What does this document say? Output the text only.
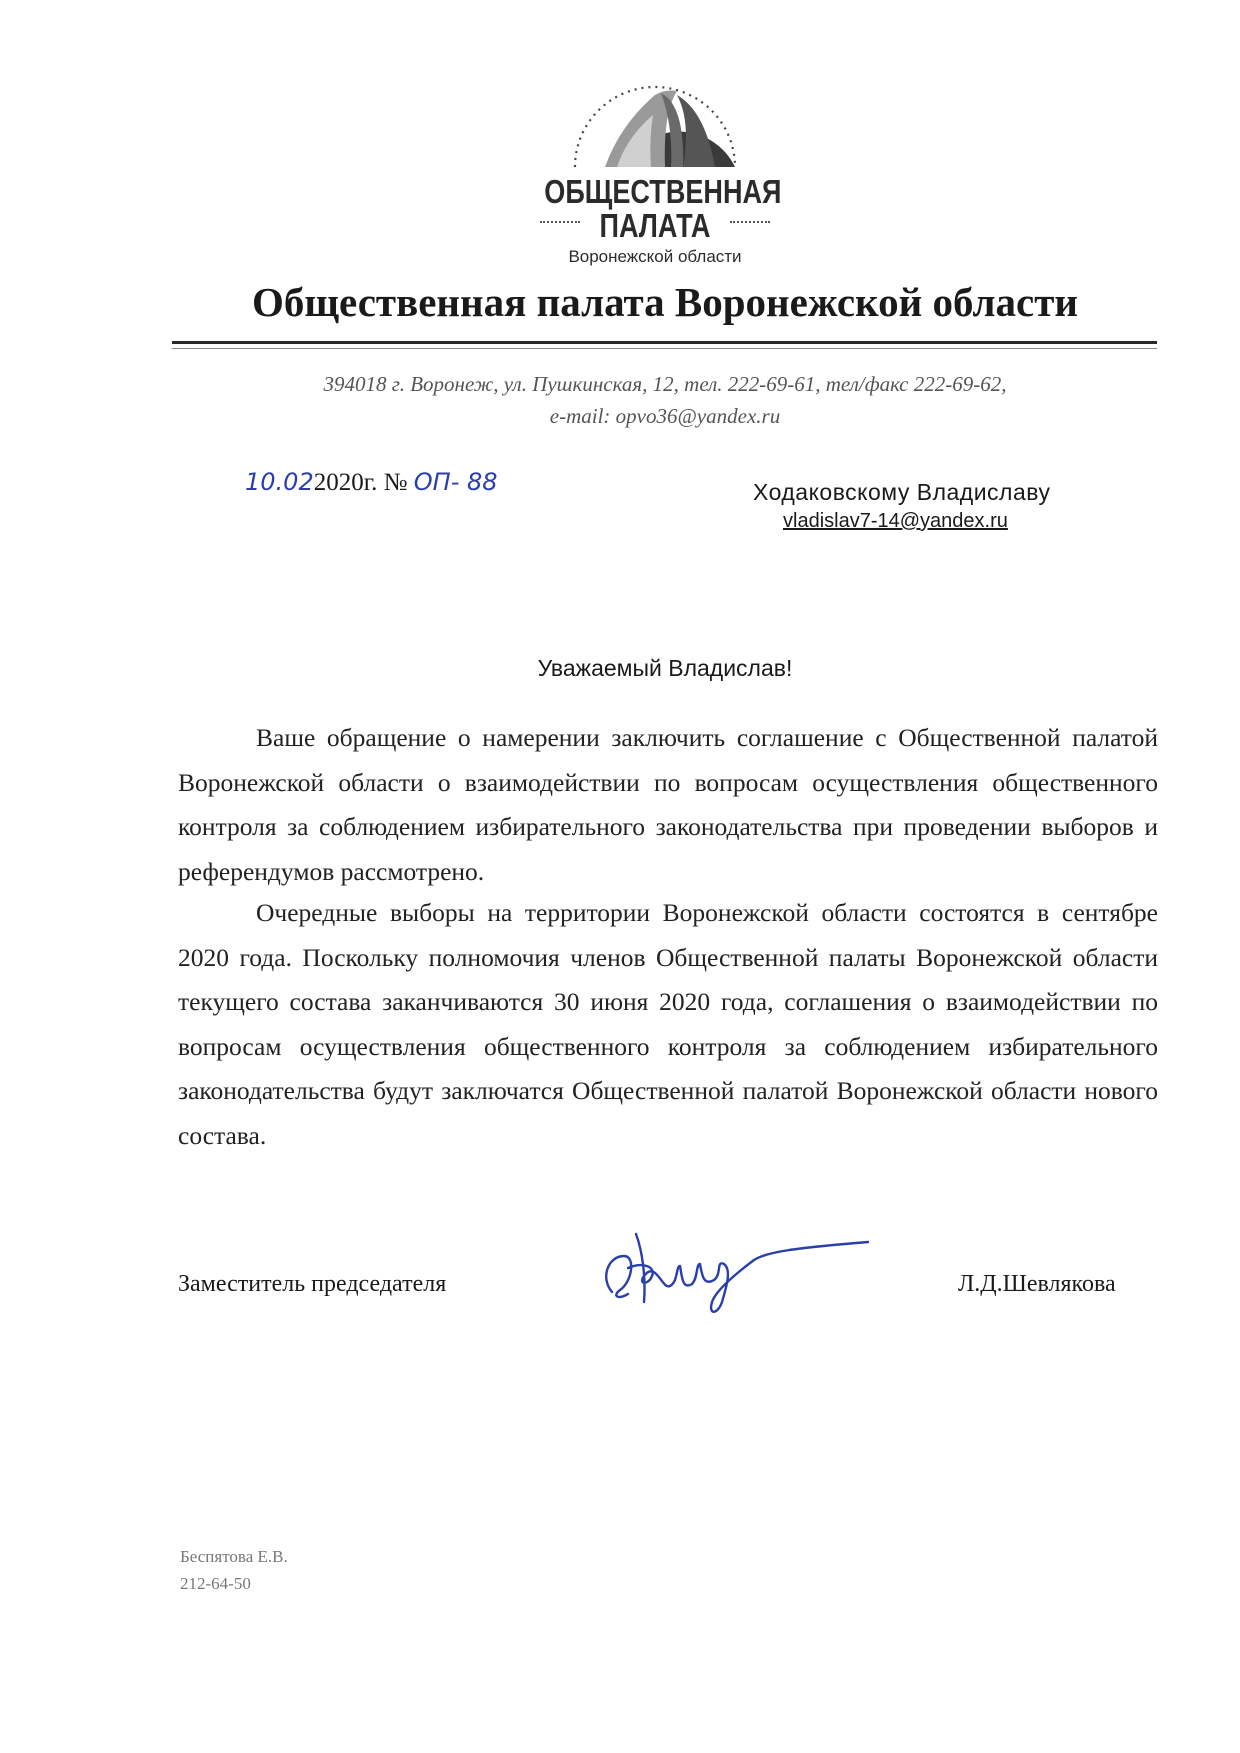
ОБЩЕСТВЕННАЯ
ПАЛАТА
Воронежской области
Общественная палата Воронежской области
394018 г. Воронеж, ул. Пушкинская, 12, тел. 222-69-61, тел/факс 222-69-62,
e-mail: opvo36@yandex.ru
10.022020г. № ОП- 88	Ходаковскому Владиславу
vladislav7-14@yandex.ru
Уважаемый Владислав!
Ваше обращение о намерении заключить соглашение с Общественной палатой Воронежской области о взаимодействии по вопросам осуществления общественного контроля за соблюдением избирательного законодательства при проведении выборов и референдумов рассмотрено.
Очередные выборы на территории Воронежской области состоятся в сентябре 2020 года. Поскольку полномочия членов Общественной палаты Воронежской области текущего состава заканчиваются 30 июня 2020 года, соглашения о взаимодействии по вопросам осуществления общественного контроля за соблюдением избирательного законодательства будут заключатся Общественной палатой Воронежской области нового состава.
Заместитель председателя	Л.Д.Шевлякова
Беспятова Е.В.
212-64-50
